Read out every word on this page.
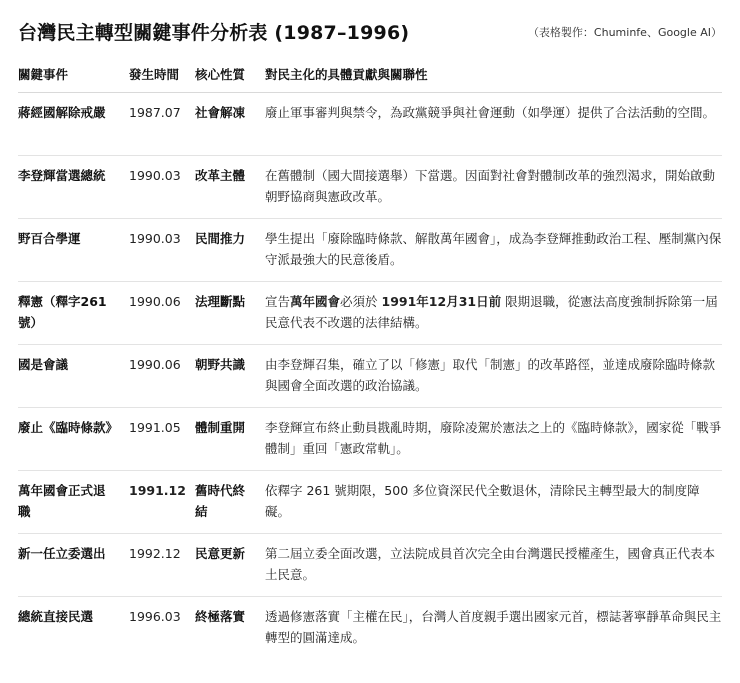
台灣民主轉型關鍵事件分析表 (1987–1996)	（表格製作：Chuminfe、Google AI）
關鍵事件	發生時間	核心性質	對民主化的具體貢獻與關聯性
蔣經國解除戒嚴	1987.07	社會解凍	廢止軍事審判與禁令，為政黨競爭與社會運動（如學運）提供了合法活動的空間。
李登輝當選總統	1990.03	改革主體	在舊體制（國大間接選舉）下當選。因面對社會對體制改革的強烈渴求，開始啟動朝野協商與憲政改革。
野百合學運	1990.03	民間推力	學生提出「廢除臨時條款、解散萬年國會」，成為李登輝推動政治工程、壓制黨內保守派最強大的民意後盾。
釋憲（釋字261號）	1990.06	法理斷點	宣告萬年國會必須於 1991年12月31日前 限期退職，從憲法高度強制拆除第一屆民意代表不改選的法律結構。
國是會議	1990.06	朝野共識	由李登輝召集，確立了以「修憲」取代「制憲」的改革路徑，並達成廢除臨時條款與國會全面改選的政治協議。
廢止《臨時條款》	1991.05	體制重開	李登輝宣布終止動員戡亂時期，廢除凌駕於憲法之上的《臨時條款》，國家從「戰爭體制」重回「憲政常軌」。
萬年國會正式退職	1991.12	舊時代終結	依釋字 261 號期限，500 多位資深民代全數退休，清除民主轉型最大的制度障礙。
新一任立委選出	1992.12	民意更新	第二屆立委全面改選，立法院成員首次完全由台灣選民授權產生，國會真正代表本土民意。
總統直接民選	1996.03	終極落實	透過修憲落實「主權在民」，台灣人首度親手選出國家元首，標誌著寧靜革命與民主轉型的圓滿達成。
